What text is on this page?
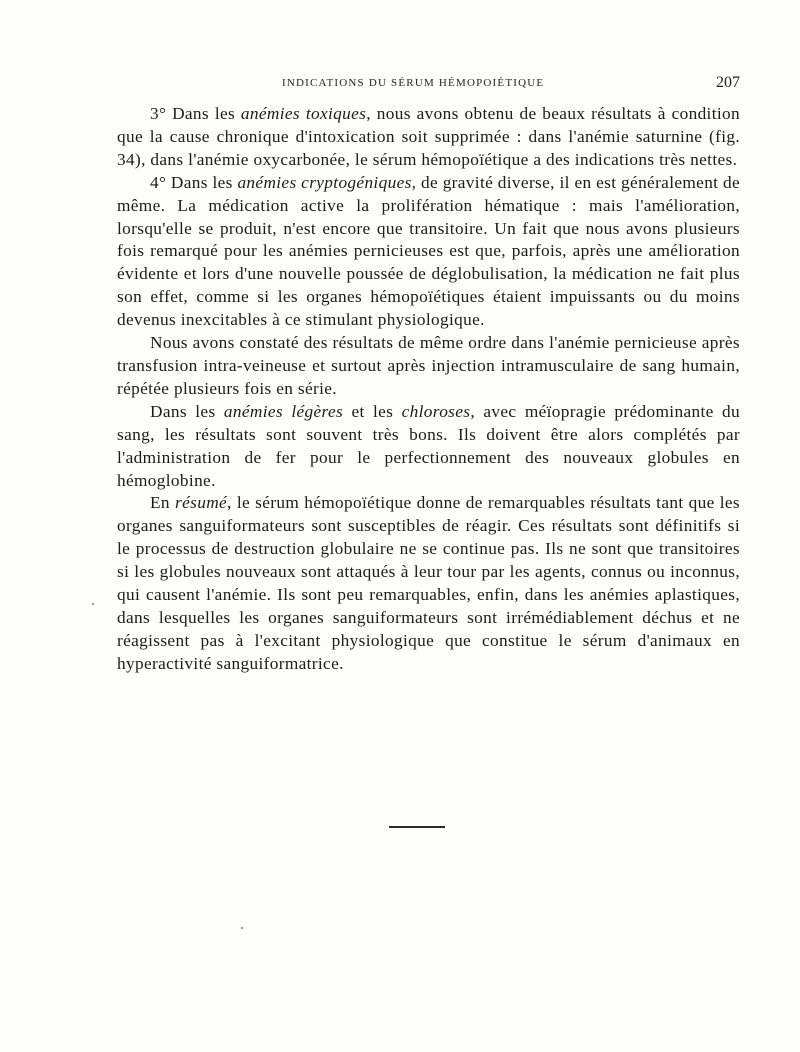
INDICATIONS DU SÉRUM HÉMOPOIÉTIQUE	207

3° Dans les anémies toxiques, nous avons obtenu de beaux résultats à condition que la cause chronique d'intoxication soit supprimée : dans l'anémie saturnine (fig. 34), dans l'anémie oxycarbonée, le sérum hémopoïétique a des indications très nettes.

4° Dans les anémies cryptogéniques, de gravité diverse, il en est généralement de même. La médication active la prolifération hématique : mais l'amélioration, lorsqu'elle se produit, n'est encore que transitoire. Un fait que nous avons plusieurs fois remarqué pour les anémies pernicieuses est que, parfois, après une amélioration évidente et lors d'une nouvelle poussée de déglobulisation, la médication ne fait plus son effet, comme si les organes hémopoïétiques étaient impuissants ou du moins devenus inexcitables à ce stimulant physiologique.

Nous avons constaté des résultats de même ordre dans l'anémie pernicieuse après transfusion intra-veineuse et surtout après injection intramusculaire de sang humain, répétée plusieurs fois en série.

Dans les anémies légères et les chloroses, avec méïopragie prédominante du sang, les résultats sont souvent très bons. Ils doivent être alors complétés par l'administration de fer pour le perfectionnement des nouveaux globules en hémoglobine.

En résumé, le sérum hémopoïétique donne de remarquables résultats tant que les organes sanguiformateurs sont susceptibles de réagir. Ces résultats sont définitifs si le processus de destruction globulaire ne se continue pas. Ils ne sont que transitoires si les globules nouveaux sont attaqués à leur tour par les agents, connus ou inconnus, qui causent l'anémie. Ils sont peu remarquables, enfin, dans les anémies aplastiques, dans lesquelles les organes sanguiformateurs sont irrémédiablement déchus et ne réagissent pas à l'excitant physiologique que constitue le sérum d'animaux en hyperactivité sanguiformatrice.
